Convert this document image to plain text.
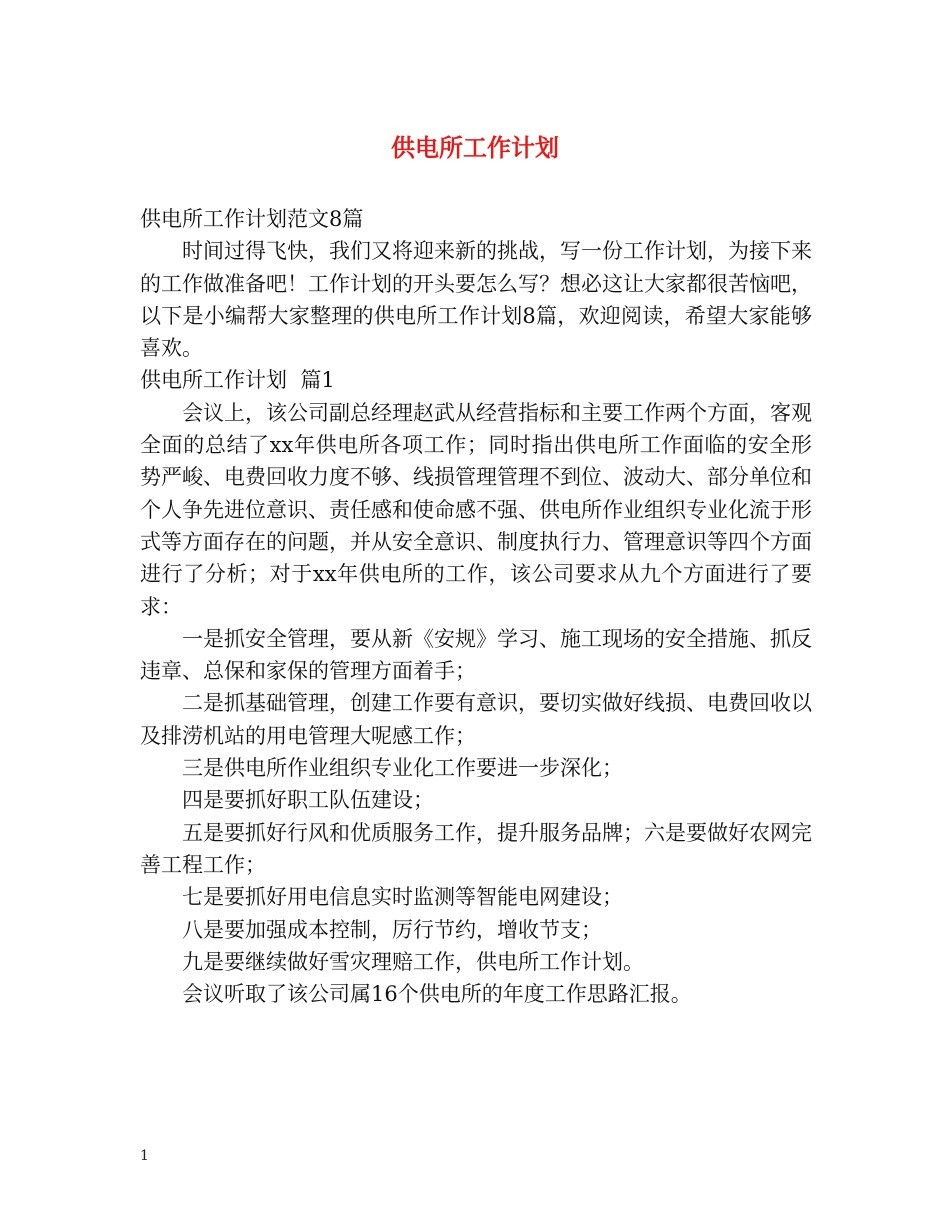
供电所工作计划

供电所工作计划范文8篇

时间过得飞快，我们又将迎来新的挑战，写一份工作计划，为接下来的工作做准备吧！工作计划的开头要怎么写？想必这让大家都很苦恼吧，以下是小编帮大家整理的供电所工作计划8篇，欢迎阅读，希望大家能够喜欢。

供电所工作计划  篇1

会议上，该公司副总经理赵武从经营指标和主要工作两个方面，客观全面的总结了xx年供电所各项工作；同时指出供电所工作面临的安全形势严峻、电费回收力度不够、线损管理管理不到位、波动大、部分单位和个人争先进位意识、责任感和使命感不强、供电所作业组织专业化流于形式等方面存在的问题，并从安全意识、制度执行力、管理意识等四个方面进行了分析；对于xx年供电所的工作，该公司要求从九个方面进行了要求：

一是抓安全管理，要从新《安规》学习、施工现场的安全措施、抓反违章、总保和家保的管理方面着手；

二是抓基础管理，创建工作要有意识，要切实做好线损、电费回收以及排涝机站的用电管理大呢感工作；

三是供电所作业组织专业化工作要进一步深化；

四是要抓好职工队伍建设；

五是要抓好行风和优质服务工作，提升服务品牌；六是要做好农网完善工程工作；

七是要抓好用电信息实时监测等智能电网建设；

八是要加强成本控制，厉行节约，增收节支；

九是要继续做好雪灾理赔工作，供电所工作计划。

会议听取了该公司属16个供电所的年度工作思路汇报。

1
